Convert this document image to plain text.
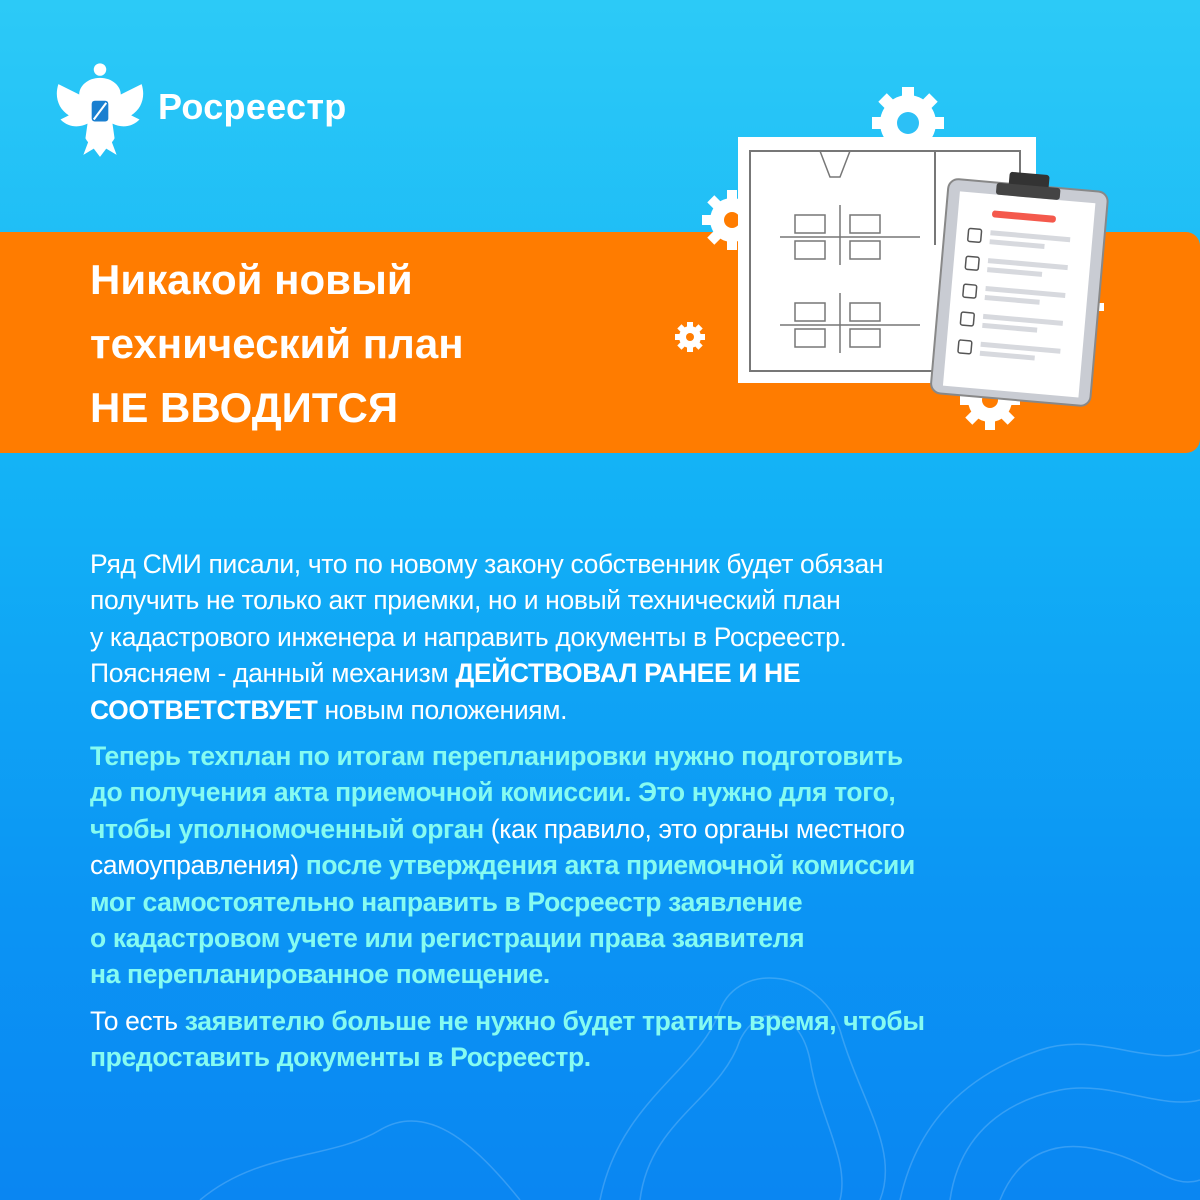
Росреестр
Никакой новый
технический план
НЕ ВВОДИТСЯ
Ряд СМИ писали, что по новому закону собственник будет обязан
получить не только акт приемки, но и новый технический план
у кадастрового инженера и направить документы в Росреестр.
Поясняем - данный механизм ДЕЙСТВОВАЛ РАНЕЕ И НЕ
СООТВЕТСТВУЕТ новым положениям.
Теперь техплан по итогам перепланировки нужно подготовить
до получения акта приемочной комиссии. Это нужно для того,
чтобы уполномоченный орган (как правило, это органы местного
самоуправления) после утверждения акта приемочной комиссии
мог самостоятельно направить в Росреестр заявление
о кадастровом учете или регистрации права заявителя
на перепланированное помещение.
То есть заявителю больше не нужно будет тратить время, чтобы
предоставить документы в Росреестр.
